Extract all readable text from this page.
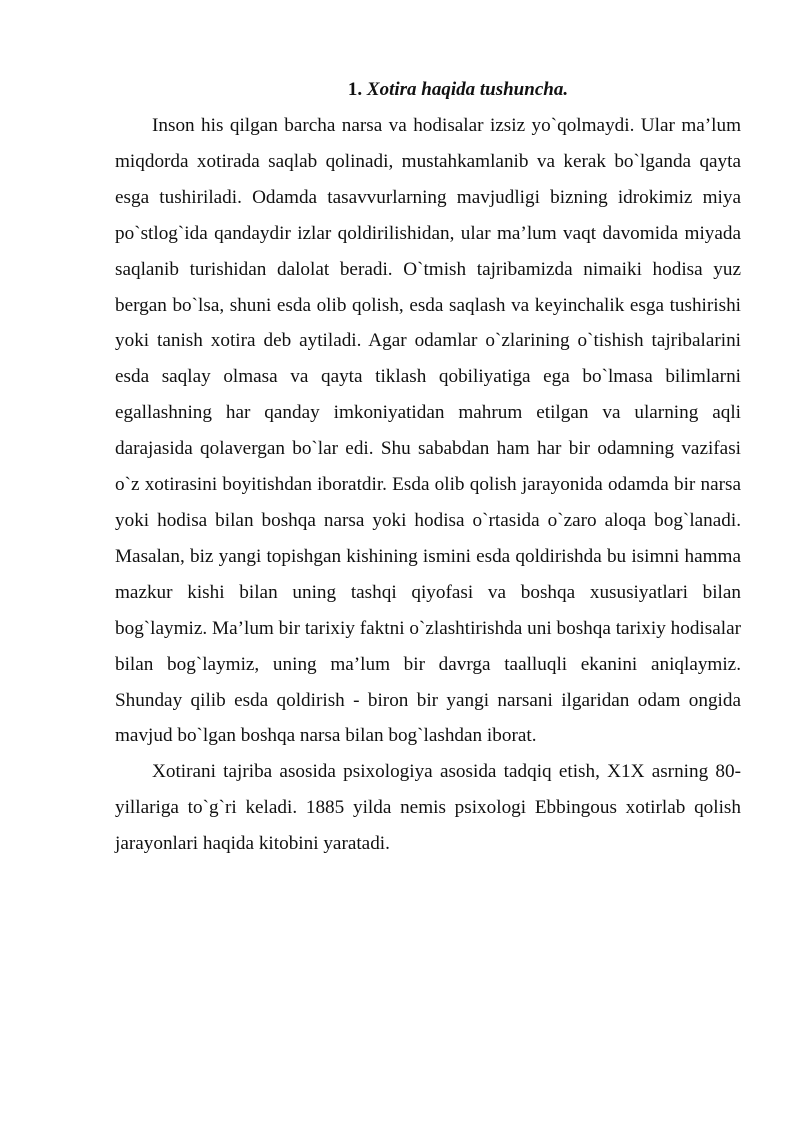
1. Xotira haqida tushuncha.

Inson his qilgan barcha narsa va hodisalar izsiz yo`qolmaydi. Ular ma’lum miqdorda xotirada saqlab qolinadi, mustahkamlanib va kerak bo`lganda qayta esga tushiriladi. Odamda tasavvurlarning mavjudligi bizning idrokimiz miya po`stlog`ida qandaydir izlar qoldirilishidan, ular ma’lum vaqt davomida miyada saqlanib turishidan dalolat beradi. O`tmish tajribamizda nimaiki hodisa yuz bergan bo`lsa, shuni esda olib qolish, esda saqlash va keyinchalik esga tushirishi yoki tanish xotira deb aytiladi. Agar odamlar o`zlarining o`tishish tajribalarini esda saqlay olmasa va qayta tiklash qobiliyatiga ega bo`lmasa bilimlarni egallashning har qanday imkoniyatidan mahrum etilgan va ularning aqli darajasida qolavergan bo`lar edi. Shu sababdan ham har bir odamning vazifasi o`z xotirasini boyitishdan iboratdir. Esda olib qolish jarayonida odamda bir narsa yoki hodisa bilan boshqa narsa yoki hodisa o`rtasida o`zaro aloqa bog`lanadi. Masalan, biz yangi topishgan kishining ismini esda qoldirishda bu isimni hamma mazkur kishi bilan uning tashqi qiyofasi va boshqa xususiyatlari bilan bog`laymiz. Ma’lum bir tarixiy faktni o`zlashtirishda uni boshqa tarixiy hodisalar bilan bog`laymiz, uning ma’lum bir davrga taalluqli ekanini aniqlaymiz. Shunday qilib esda qoldirish - biron bir yangi narsani ilgaridan odam ongida mavjud bo`lgan boshqa narsa bilan bog`lashdan iborat.

Xotirani tajriba asosida psixologiya asosida tadqiq etish, X1X asrning 80-yillariga to`g`ri keladi. 1885 yilda nemis psixologi Ebbingous xotirlab qolish jarayonlari haqida kitobini yaratadi.
